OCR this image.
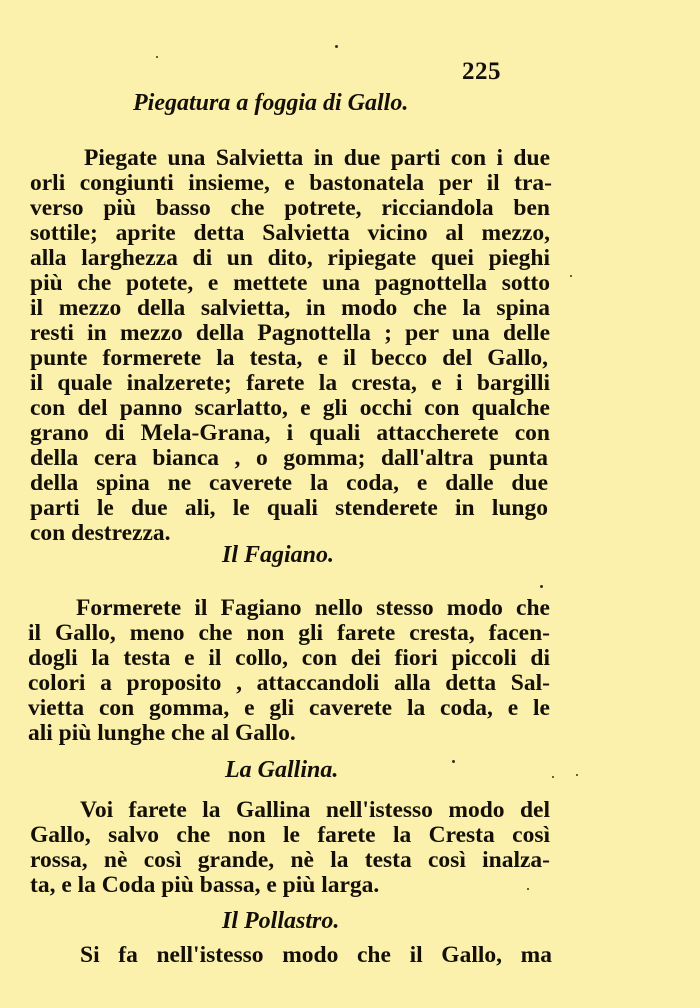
225
Piegatura a foggia di Gallo.
Piegate una Salvietta in due parti con i due
orli congiunti insieme, e bastonatela per il tra-
verso più basso che potrete, ricciandola ben
sottile; aprite detta Salvietta vicino al mezzo,
alla larghezza di un dito, ripiegate quei pieghi
più che potete, e mettete una pagnottella sotto
il mezzo della salvietta, in modo che la spina
resti in mezzo della Pagnottella ; per una delle
punte formerete la testa, e il becco del Gallo,
il quale inalzerete; farete la cresta, e i bargilli
con del panno scarlatto, e gli occhi con qualche
grano di Mela-Grana, i quali attaccherete con
della cera bianca , o gomma; dall'altra punta
della spina ne caverete la coda, e dalle due
parti le due ali, le quali stenderete in lungo
con destrezza.
Il Fagiano.
Formerete il Fagiano nello stesso modo che
il Gallo, meno che non gli farete cresta, facen-
dogli la testa e il collo, con dei fiori piccoli di
colori a proposito , attaccandoli alla detta Sal-
vietta con gomma, e gli caverete la coda, e le
ali più lunghe che al Gallo.
La Gallina.
Voi farete la Gallina nell'istesso modo del
Gallo, salvo che non le farete la Cresta così
rossa, nè così grande, nè la testa così inalza-
ta, e la Coda più bassa, e più larga.
Il Pollastro.
Si fa nell'istesso modo che il Gallo, ma
